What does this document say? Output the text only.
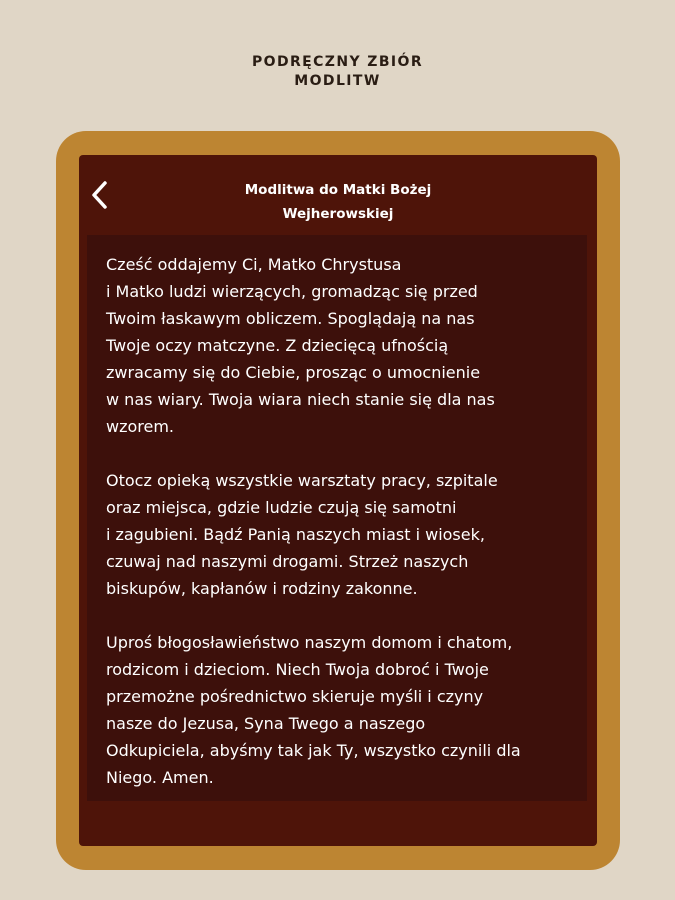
PODRĘCZNY ZBIÓR
MODLITW
Modlitwa do Matki Bożej
Wejherowskiej

Cześć oddajemy Ci, Matko Chrystusa
i Matko ludzi wierzących, gromadząc się przed
Twoim łaskawym obliczem. Spoglądają na nas
Twoje oczy matczyne. Z dziecięcą ufnością
zwracamy się do Ciebie, prosząc o umocnienie
w nas wiary. Twoja wiara niech stanie się dla nas
wzorem.

Otocz opieką wszystkie warsztaty pracy, szpitale
oraz miejsca, gdzie ludzie czują się samotni
i zagubieni. Bądź Panią naszych miast i wiosek,
czuwaj nad naszymi drogami. Strzeż naszych
biskupów, kapłanów i rodziny zakonne.

Uproś błogosławieństwo naszym domom i chatom,
rodzicom i dzieciom. Niech Twoja dobroć i Twoje
przemożne pośrednictwo skieruje myśli i czyny
nasze do Jezusa, Syna Twego a naszego
Odkupiciela, abyśmy tak jak Ty, wszystko czynili dla
Niego. Amen.
